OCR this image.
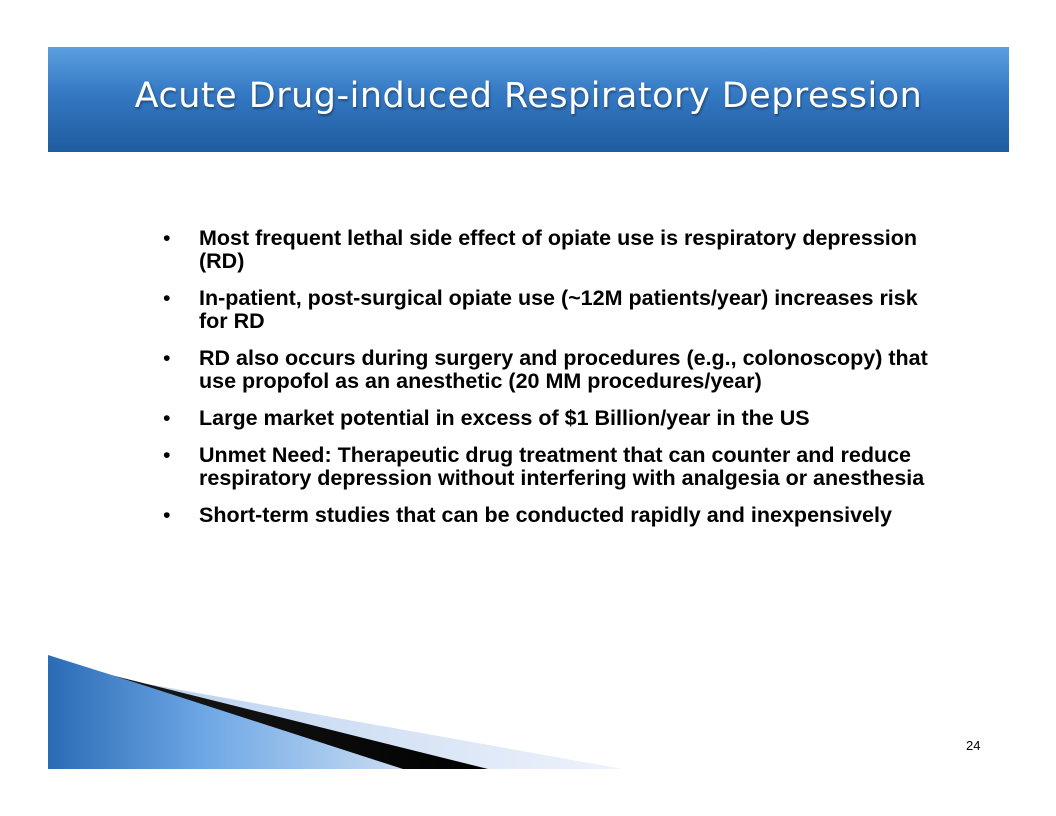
Acute Drug-induced Respiratory Depression
• Most frequent lethal side effect of opiate use is respiratory depression (RD)
• In-patient, post-surgical opiate use (~12M patients/year) increases risk for RD
• RD also occurs during surgery and procedures (e.g., colonoscopy) that use propofol as an anesthetic (20 MM procedures/year)
• Large market potential in excess of $1 Billion/year in the US
• Unmet Need: Therapeutic drug treatment that can counter and reduce respiratory depression without interfering with analgesia or anesthesia
• Short-term studies that can be conducted rapidly and inexpensively
24
